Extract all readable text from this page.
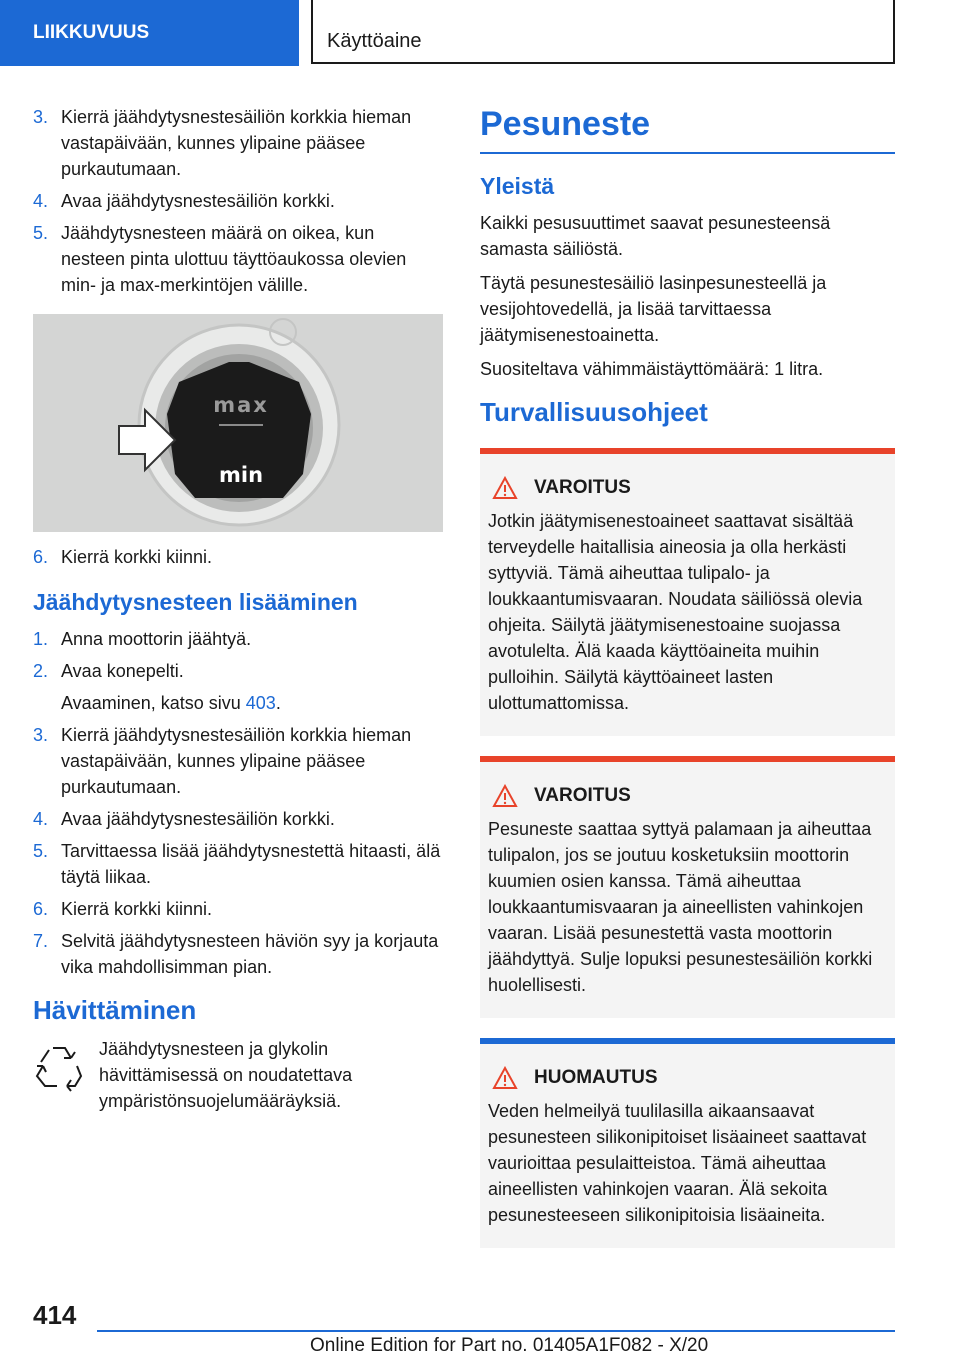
LIIKKUVUUS	Käyttöaine
3. Kierrä jäähdytysnestesäiliön korkkia hieman vastapäivään, kunnes ylipaine pääsee purkautumaan.
4. Avaa jäähdytysnestesäiliön korkki.
5. Jäähdytysnesteen määrä on oikea, kun nesteen pinta ulottuu täyttöaukossa olevien min- ja max-merkintöjen välille.
max
min
6. Kierrä korkki kiinni.
Jäähdytysnesteen lisääminen
1. Anna moottorin jäähtyä.
2. Avaa konepelti.
Avaaminen, katso sivu 403.
3. Kierrä jäähdytysnestesäiliön korkkia hieman vastapäivään, kunnes ylipaine pääsee purkautumaan.
4. Avaa jäähdytysnestesäiliön korkki.
5. Tarvittaessa lisää jäähdytysnestettä hitaasti, älä täytä liikaa.
6. Kierrä korkki kiinni.
7. Selvitä jäähdytysnesteen häviön syy ja korjauta vika mahdollisimman pian.
Hävittäminen

Jäähdytysnesteen ja glykolin hävittämisessä on noudatettava ympäristönsuojelumääräyksiä.

Pesuneste
Yleistä

Kaikki pesusuuttimet saavat pesunesteensä samasta säiliöstä.

Täytä pesunestesäiliö lasinpesunesteellä ja vesijohtovedellä, ja lisää tarvittaessa jäätymisenestoainetta.

Suositeltava vähimmäistäyttömäärä: 1 litra.

Turvallisuusohjeet
VAROITUS
Jotkin jäätymisenestoaineet saattavat sisältää terveydelle haitallisia aineosia ja olla herkästi syttyviä. Tämä aiheuttaa tulipalo- ja loukkaantumisvaaran. Noudata säiliössä olevia ohjeita. Säilytä jäätymisenestoaine suojassa avotulelta. Älä kaada käyttöaineita muihin pulloihin. Säilytä käyttöaineet lasten ulottumattomissa.
VAROITUS
Pesuneste saattaa syttyä palamaan ja aiheuttaa tulipalon, jos se joutuu kosketuksiin moottorin kuumien osien kanssa. Tämä aiheuttaa loukkaantumisvaaran ja aineellisten vahinkojen vaaran. Lisää pesunestettä vasta moottorin jäähdyttyä. Sulje lopuksi pesunestesäiliön korkki huolellisesti.
HUOMAUTUS
Veden helmeilyä tuulilasilla aikaansaavat pesunesteen silikonipitoiset lisäaineet saattavat vaurioittaa pesulaitteistoa. Tämä aiheuttaa aineellisten vahinkojen vaaran. Älä sekoita pesunesteeseen silikonipitoisia lisäaineita.
414
Online Edition for Part no. 01405A1F082 - X/20
